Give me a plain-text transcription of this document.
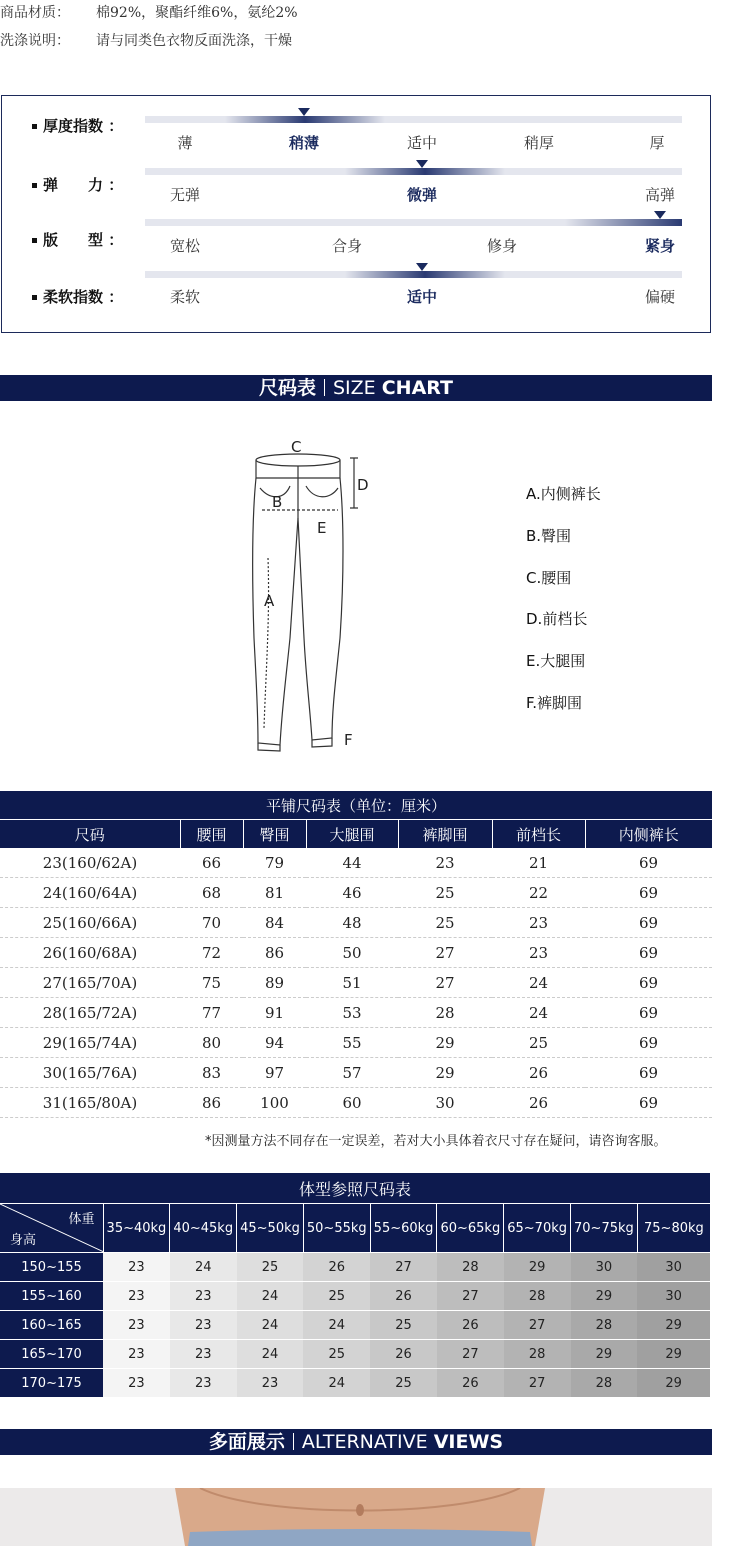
商品材质： 棉92%，聚酯纤维6%，氨纶2%
洗涤说明： 请与同类色衣物反面洗涤，干燥
厚度指数 ：
薄	稍薄	适中	稍厚	厚
弹　　力 ：
无弹	微弹	高弹
版　　型 ：	宽松	合身	修身	紧身
柔软指数 ：	柔软	适中	偏硬
尺码表 SIZE CHART
C
B
D
E
A
F
A.内侧裤长
B.臀围
C.腰围
D.前档长
E.大腿围
F.裤脚围
平铺尺码表（单位：厘米）						
尺码	腰围	臀围	大腿围	裤脚围	前档长	内侧裤长
23(160/62A)	66	79	44	23	21	69
24(160/64A)	68	81	46	25	22	69
25(160/66A)	70	84	48	25	23	69
26(160/68A)	72	86	50	27	23	69
27(165/70A)	75	89	51	27	24	69
28(165/72A)	77	91	53	28	24	69
29(165/74A)	80	94	55	29	25	69
30(165/76A)	83	97	57	29	26	69
31(165/80A)	86	100	60	30	26	69
*因测量方法不同存在一定误差，若对大小具体着衣尺寸存在疑问，请咨询客服。
体型参照尺码表									

体重
身高	35~40kg	40~45kg	45~50kg	50~55kg	55~60kg	60~65kg	65~70kg	70~75kg	75~80kg
150~155	23	24	25	26	27	28	29	30	30
155~160	23	23	24	25	26	27	28	29	30
160~165	23	23	24	24	25	26	27	28	29
165~170	23	23	24	25	26	27	28	29	29
170~175	23	23	23	24	25	26	27	28	29
多面展示 ALTERNATIVE VIEWS
